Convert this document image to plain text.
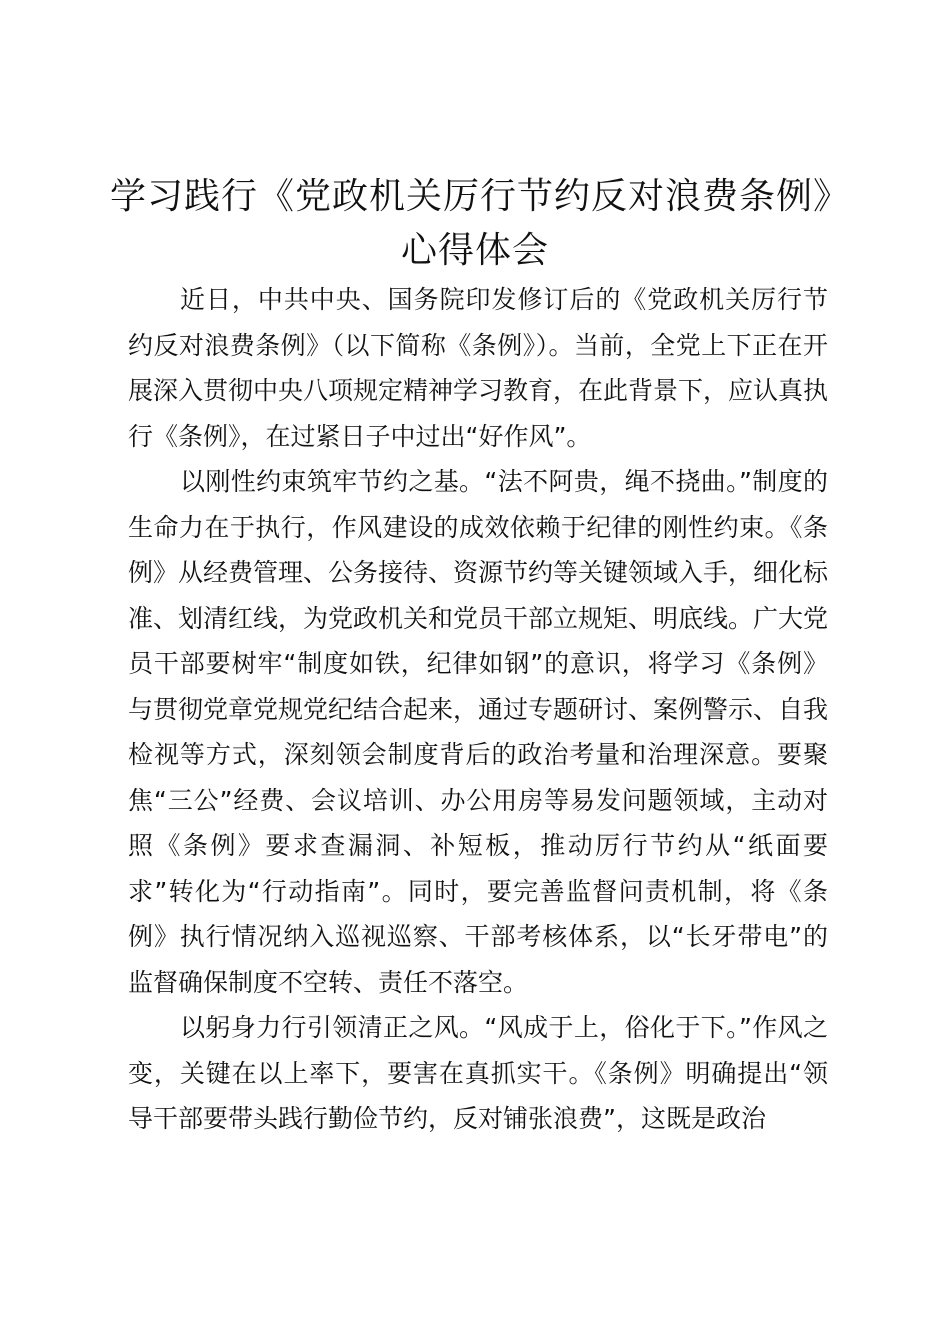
学习践行《党政机关厉行节约反对浪费条例》
心得体会

近日，中共中央、国务院印发修订后的《党政机关厉行节约反对浪费条例》（以下简称《条例》）。当前，全党上下正在开展深入贯彻中央八项规定精神学习教育，在此背景下，应认真执行《条例》，在过紧日子中过出“好作风”。

以刚性约束筑牢节约之基。“法不阿贵，绳不挠曲。”制度的生命力在于执行，作风建设的成效依赖于纪律的刚性约束。《条例》从经费管理、公务接待、资源节约等关键领域入手，细化标准、划清红线，为党政机关和党员干部立规矩、明底线。广大党员干部要树牢“制度如铁，纪律如钢”的意识，将学习《条例》与贯彻党章党规党纪结合起来，通过专题研讨、案例警示、自我检视等方式，深刻领会制度背后的政治考量和治理深意。要聚焦“三公”经费、会议培训、办公用房等易发问题领域，主动对照《条例》要求查漏洞、补短板，推动厉行节约从“纸面要求”转化为“行动指南”。同时，要完善监督问责机制，将《条例》执行情况纳入巡视巡察、干部考核体系，以“长牙带电”的监督确保制度不空转、责任不落空。

以躬身力行引领清正之风。“风成于上，俗化于下。”作风之变，关键在以上率下，要害在真抓实干。《条例》明确提出“领导干部要带头践行勤俭节约，反对铺张浪费”，这既是政治
